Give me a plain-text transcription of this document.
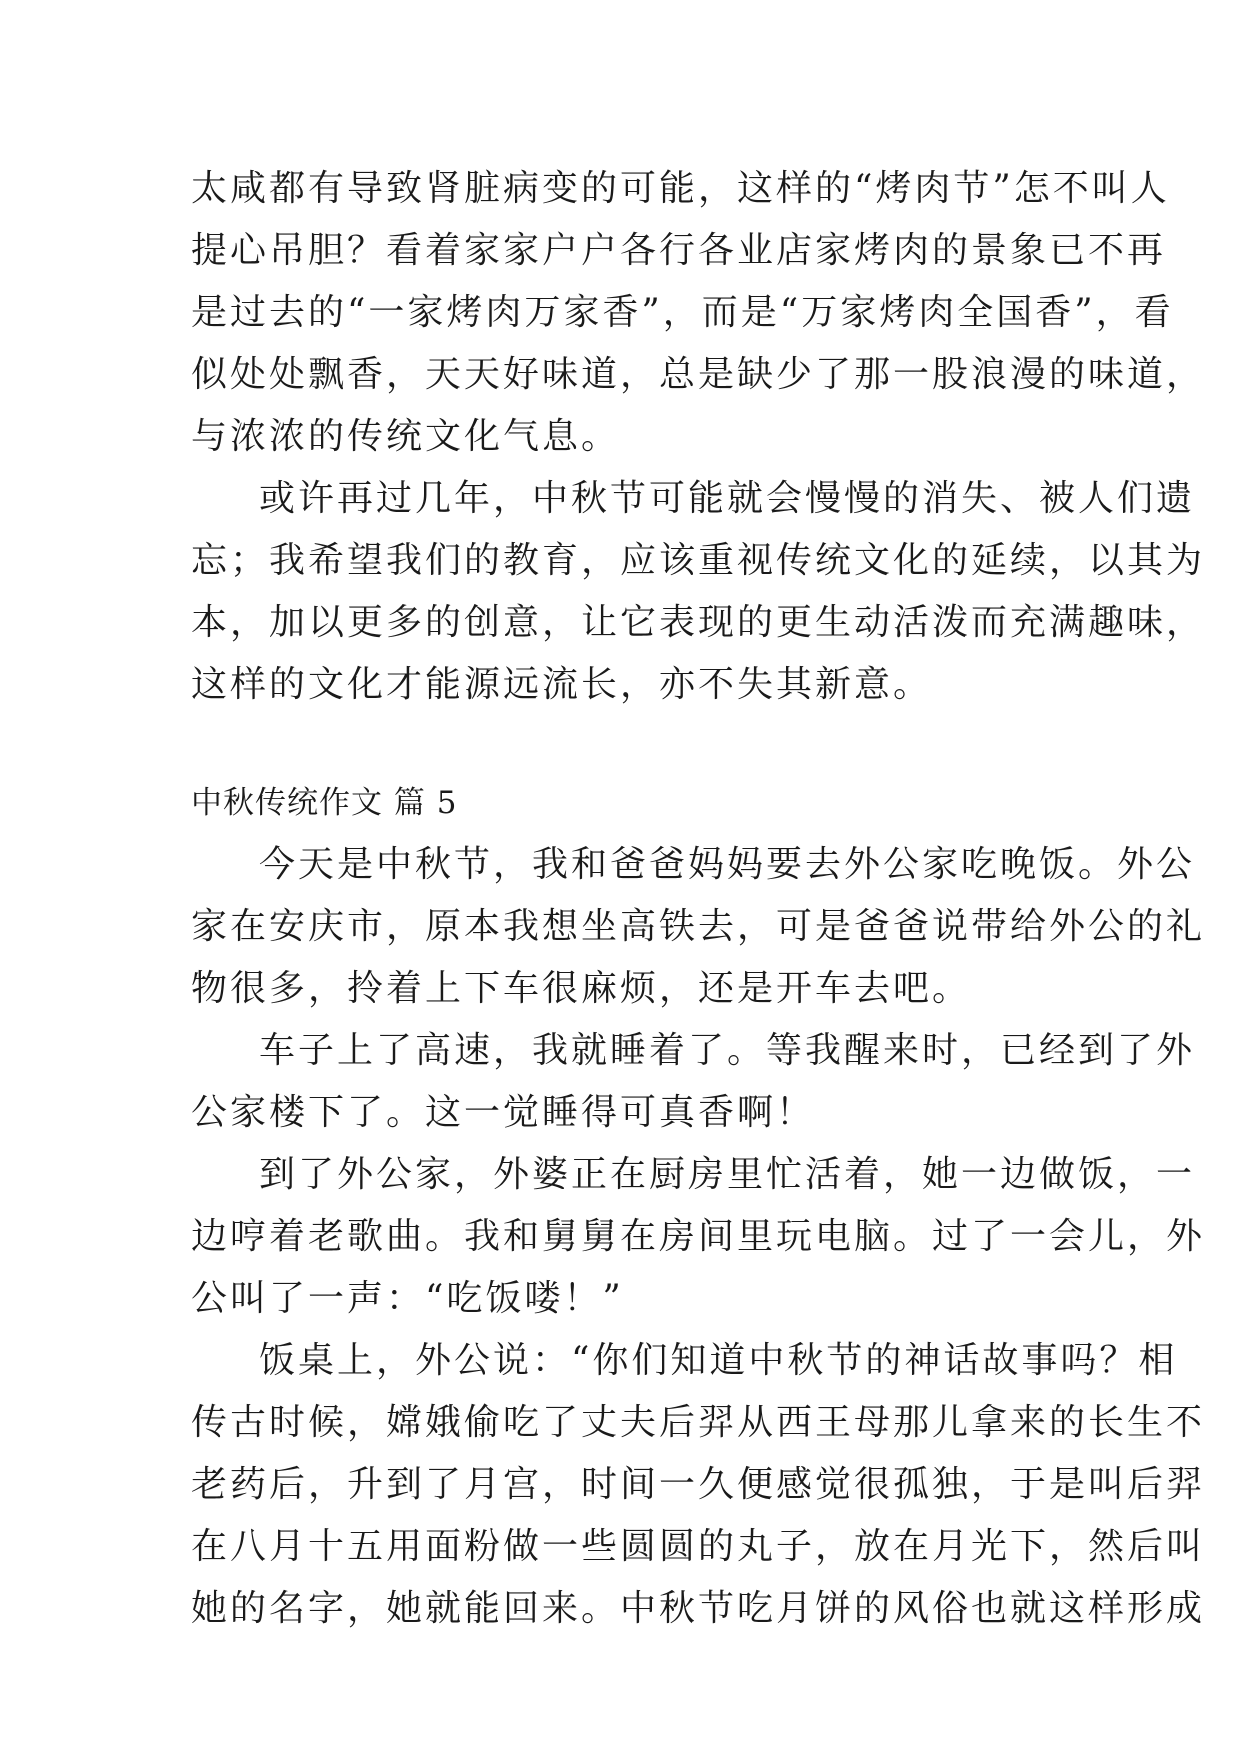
太咸都有导致肾脏病变的可能，这样的“烤肉节”怎不叫人
提心吊胆？看着家家户户各行各业店家烤肉的景象已不再
是过去的“一家烤肉万家香”，而是“万家烤肉全国香”，看
似处处飘香，天天好味道，总是缺少了那一股浪漫的味道，
与浓浓的传统文化气息。
或许再过几年，中秋节可能就会慢慢的消失、被人们遗
忘；我希望我们的教育，应该重视传统文化的延续，以其为
本，加以更多的创意，让它表现的更生动活泼而充满趣味，
这样的文化才能源远流长，亦不失其新意。
中秋传统作文 篇 5
今天是中秋节，我和爸爸妈妈要去外公家吃晚饭。外公
家在安庆市，原本我想坐高铁去，可是爸爸说带给外公的礼
物很多，拎着上下车很麻烦，还是开车去吧。
车子上了高速，我就睡着了。等我醒来时，已经到了外
公家楼下了。这一觉睡得可真香啊！
到了外公家，外婆正在厨房里忙活着，她一边做饭，一
边哼着老歌曲。我和舅舅在房间里玩电脑。过了一会儿，外
公叫了一声：“吃饭喽！”
饭桌上，外公说：“你们知道中秋节的神话故事吗？相
传古时候，嫦娥偷吃了丈夫后羿从西王母那儿拿来的长生不
老药后，升到了月宫，时间一久便感觉很孤独，于是叫后羿
在八月十五用面粉做一些圆圆的丸子，放在月光下，然后叫
她的名字，她就能回来。中秋节吃月饼的风俗也就这样形成
